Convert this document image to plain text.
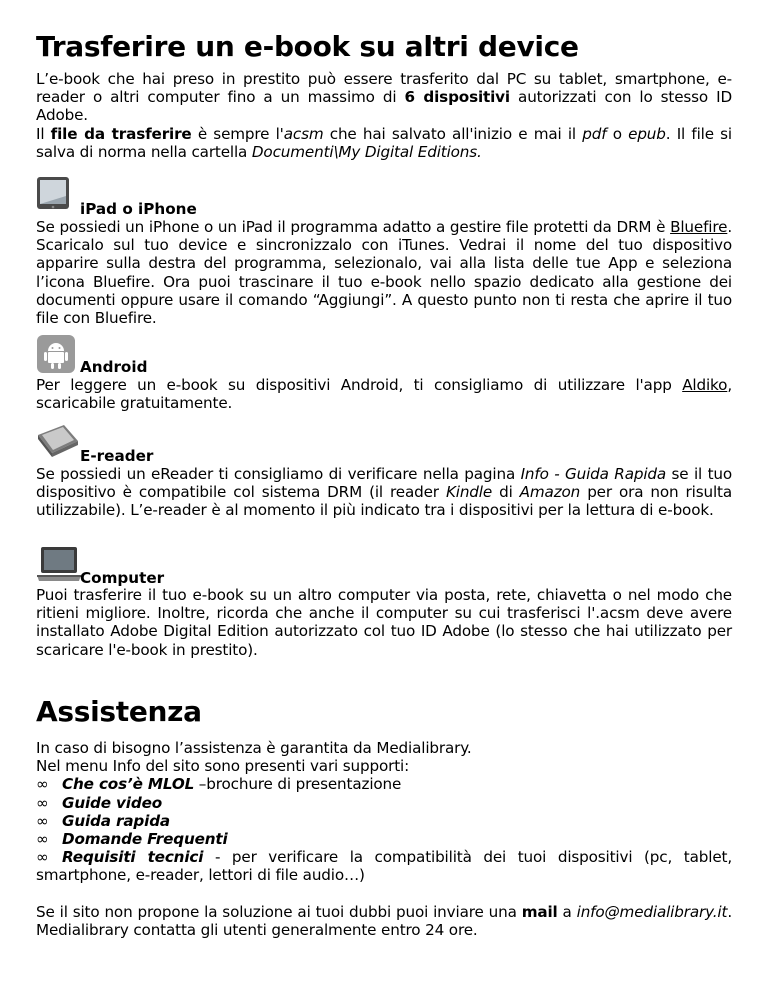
Trasferire un e-book su altri device

L’e-book che hai preso in prestito può essere trasferito dal PC su tablet, smartphone, e-reader o altri computer fino a un massimo di 6 dispositivi autorizzati con lo stesso ID Adobe.

Il file da trasferire è sempre l'acsm che hai salvato all'inizio e mai il pdf o epub. Il file si salva di norma nella cartella Documenti\My Digital Editions.

iPad o iPhone

Se possiedi un iPhone o un iPad il programma adatto a gestire file protetti da DRM è Bluefire. Scaricalo sul tuo device e sincronizzalo con iTunes. Vedrai il nome del tuo dispositivo apparire sulla destra del programma, selezionalo, vai alla lista delle tue App e seleziona l’icona Bluefire. Ora puoi trascinare il tuo e-book nello spazio dedicato alla gestione dei documenti oppure usare il comando “Aggiungi”. A questo punto non ti resta che aprire il tuo file con Bluefire.

Android

Per leggere un e-book su dispositivi Android, ti consigliamo di utilizzare l'app Aldiko, scaricabile gratuitamente.

E-reader

Se possiedi un eReader ti consigliamo di verificare nella pagina Info - Guida Rapida se il tuo dispositivo è compatibile col sistema DRM (il reader Kindle di Amazon per ora non risulta utilizzabile). L’e-reader è al momento il più indicato tra i dispositivi per la lettura di e-book.

Computer

Puoi trasferire il tuo e-book su un altro computer via posta, rete, chiavetta o nel modo che ritieni migliore. Inoltre, ricorda che anche il computer su cui trasferisci l'.acsm deve avere installato Adobe Digital Edition autorizzato col tuo ID Adobe (lo stesso che hai utilizzato per scaricare l'e-book in prestito).

Assistenza

In caso di bisogno l’assistenza è garantita da Medialibrary.

Nel menu Info del sito sono presenti vari supporti:

∞ Che cos’è MLOL –brochure di presentazione
∞ Guide video
∞ Guida rapida
∞ Domande Frequenti
∞ Requisiti tecnici - per verificare la compatibilità dei tuoi dispositivi (pc, tablet, smartphone, e-reader, lettori di file audio…)

Se il sito non propone la soluzione ai tuoi dubbi puoi inviare una mail a info@medialibrary.it. Medialibrary contatta gli utenti generalmente entro 24 ore.
